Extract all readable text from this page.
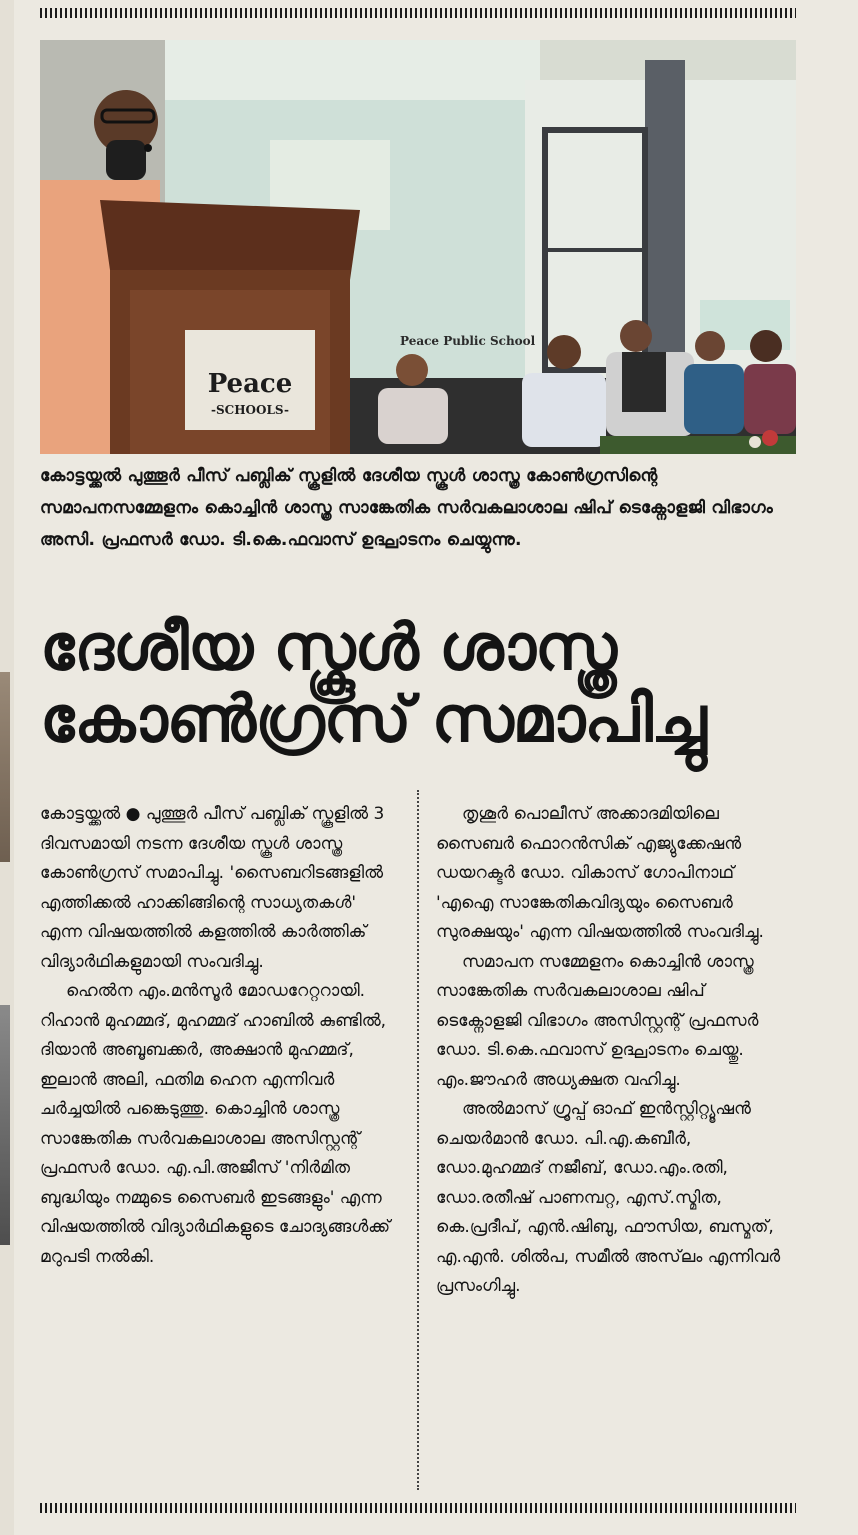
Peace Public School
Peace
-SCHOOLS-
കോട്ടയ്ക്കൽ പുത്തൂർ പീസ് പബ്ലിക് സ്കൂളിൽ ദേശീയ സ്കൂൾ ശാസ്ത്ര കോൺഗ്രസിന്റെ സമാപനസമ്മേളനം കൊച്ചിൻ ശാസ്ത്ര സാങ്കേതിക സർവകലാശാല ഷിപ് ടെക്നോളജി വിഭാഗം അസി. പ്രഫസർ ഡോ. ടി.കെ.ഫവാസ് ഉദ്ഘാടനം ചെയ്യുന്നു.
ദേശീയ സ്കൂൾ ശാസ്ത്ര
കോൺഗ്രസ് സമാപിച്ചു

കോട്ടയ്ക്കൽ ● പുത്തൂർ പീസ് പബ്ലിക് സ്കൂളിൽ 3 ദിവസമായി നടന്ന ദേശീയ സ്കൂൾ ശാസ്ത്ര കോൺഗ്രസ് സമാപിച്ചു. 'സൈബറിടങ്ങളിൽ എത്തിക്കൽ ഹാക്കിങ്ങിന്റെ സാധ്യതകൾ' എന്ന വിഷയത്തിൽ കളത്തിൽ കാർത്തിക് വിദ്യാർഥികളുമായി സംവദിച്ചു.

ഹെൽന എം.മൻസൂർ മോഡറേറ്ററായി. റിഹാൻ മുഹമ്മദ്, മുഹമ്മദ് ഹാബിൽ കുണ്ടിൽ, ദിയാൻ അബൂബക്കർ, അക്ഷാൻ മുഹമ്മദ്, ഇലാൻ അലി, ഫതിമ ഹെന എന്നിവർ ചർച്ചയിൽ പങ്കെടുത്തു. കൊച്ചിൻ ശാസ്ത്ര സാങ്കേതിക സർവകലാശാല അസിസ്റ്റന്റ് പ്രഫസർ ഡോ. എ.പി.അജീസ് 'നിർമിത ബുദ്ധിയും നമ്മുടെ സൈബർ ഇടങ്ങളും' എന്ന വിഷയത്തിൽ വിദ്യാർഥികളുടെ ചോദ്യങ്ങൾക്ക് മറുപടി നൽകി.

തൃശൂർ പൊലീസ് അക്കാദമിയിലെ സൈബർ ഫൊറൻസിക് എജ്യുക്കേഷൻ ഡയറക്ടർ ഡോ. വികാസ് ഗോപിനാഥ് 'എഐ സാങ്കേതികവിദ്യയും സൈബർ സുരക്ഷയും' എന്ന വിഷയത്തിൽ സംവദിച്ചു.

സമാപന സമ്മേളനം കൊച്ചിൻ ശാസ്ത്ര സാങ്കേതിക സർവകലാശാല ഷിപ് ടെക്നോളജി വിഭാഗം അസിസ്റ്റന്റ് പ്രഫസർ ഡോ. ടി.കെ.ഫവാസ് ഉദ്ഘാടനം ചെയ്തു. എം.ജൗഹർ അധ്യക്ഷത വഹിച്ചു.

അൽമാസ് ഗ്രൂപ്പ് ഓഫ് ഇൻസ്റ്റിറ്റ്യൂഷൻ ചെയർമാൻ ഡോ. പി.എ.കബീർ, ഡോ.മുഹമ്മദ് നജീബ്, ഡോ.എം.രതി, ഡോ.രതീഷ് പാണമ്പറ്റ, എസ്.സ്മിത, കെ.പ്രദീപ്, എൻ.ഷിബു, ഫൗസിയ, ബസ്മത്, എ.എൻ. ശിൽപ, സമീൽ അസ്‌ലം എന്നിവർ പ്രസംഗിച്ചു.
